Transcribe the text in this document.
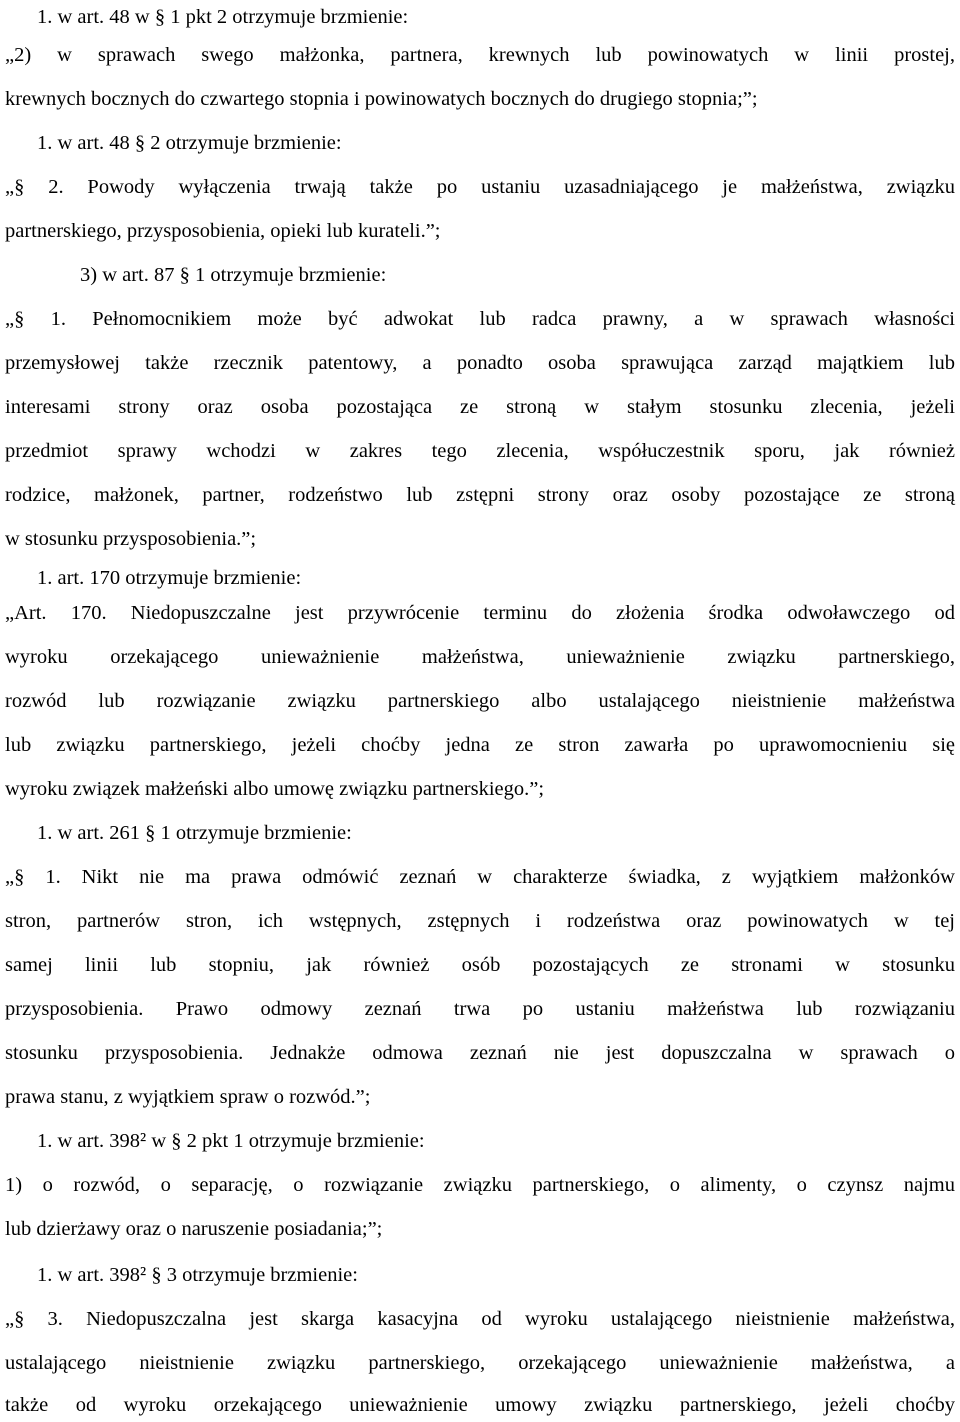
1. w art. 48 w § 1 pkt 2 otrzymuje brzmienie:
„2) w sprawach swego małżonka, partnera, krewnych lub powinowatych w linii prostej,
krewnych bocznych do czwartego stopnia i powinowatych bocznych do drugiego stopnia;”;
1. w art. 48 § 2 otrzymuje brzmienie:
„§ 2. Powody wyłączenia trwają także po ustaniu uzasadniającego je małżeństwa, związku
partnerskiego, przysposobienia, opieki lub kurateli.”;
3) w art. 87 § 1 otrzymuje brzmienie:
„§ 1. Pełnomocnikiem może być adwokat lub radca prawny, a w sprawach własności
przemysłowej także rzecznik patentowy, a ponadto osoba sprawująca zarząd majątkiem lub
interesami strony oraz osoba pozostająca ze stroną w stałym stosunku zlecenia, jeżeli
przedmiot sprawy wchodzi w zakres tego zlecenia, współuczestnik sporu, jak również
rodzice, małżonek, partner, rodzeństwo lub zstępni strony oraz osoby pozostające ze stroną
w stosunku przysposobienia.”;
1. art. 170 otrzymuje brzmienie:
„Art. 170. Niedopuszczalne jest przywrócenie terminu do złożenia środka odwoławczego od
wyroku orzekającego unieważnienie małżeństwa, unieważnienie związku partnerskiego,
rozwód lub rozwiązanie związku partnerskiego albo ustalającego nieistnienie małżeństwa
lub związku partnerskiego, jeżeli choćby jedna ze stron zawarła po uprawomocnieniu się
wyroku związek małżeński albo umowę związku partnerskiego.”;
1. w art. 261 § 1 otrzymuje brzmienie:
„§ 1. Nikt nie ma prawa odmówić zeznań w charakterze świadka, z wyjątkiem małżonków
stron, partnerów stron, ich wstępnych, zstępnych i rodzeństwa oraz powinowatych w tej
samej linii lub stopniu, jak również osób pozostających ze stronami w stosunku
przysposobienia. Prawo odmowy zeznań trwa po ustaniu małżeństwa lub rozwiązaniu
stosunku przysposobienia. Jednakże odmowa zeznań nie jest dopuszczalna w sprawach o
prawa stanu, z wyjątkiem spraw o rozwód.”;
1. w art. 398² w § 2 pkt 1 otrzymuje brzmienie:
1) o rozwód, o separację, o rozwiązanie związku partnerskiego, o alimenty, o czynsz najmu
lub dzierżawy oraz o naruszenie posiadania;”;
1. w art. 398² § 3 otrzymuje brzmienie:
„§ 3. Niedopuszczalna jest skarga kasacyjna od wyroku ustalającego nieistnienie małżeństwa,
ustalającego nieistnienie związku partnerskiego, orzekającego unieważnienie małżeństwa, a
także od wyroku orzekającego unieważnienie umowy związku partnerskiego, jeżeli choćby
